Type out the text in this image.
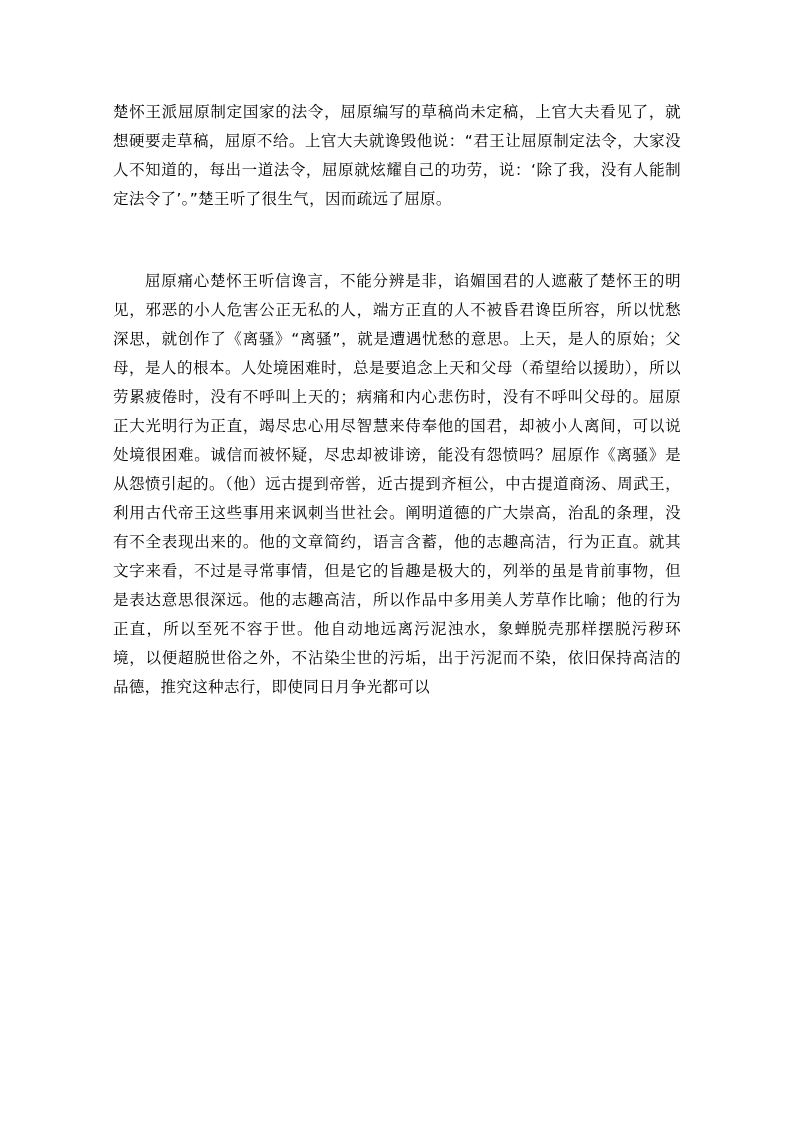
楚怀王派屈原制定国家的法令，屈原编写的草稿尚未定稿，上官大夫看见了，就想硬要走草稿，屈原不给。上官大夫就谗毁他说：“君王让屈原制定法令，大家没人不知道的，每出一道法令，屈原就炫耀自己的功劳，说：‘除了我，没有人能制定法令了’。”楚王听了很生气，因而疏远了屈原。

屈原痛心楚怀王听信谗言，不能分辨是非，谄媚国君的人遮蔽了楚怀王的明见，邪恶的小人危害公正无私的人，端方正直的人不被昏君谗臣所容，所以忧愁深思，就创作了《离骚》“离骚”，就是遭遇忧愁的意思。上天，是人的原始；父母，是人的根本。人处境困难时，总是要追念上天和父母（希望给以援助），所以劳累疲倦时，没有不呼叫上天的；病痛和内心悲伤时，没有不呼叫父母的。屈原正大光明行为正直，竭尽忠心用尽智慧来侍奉他的国君，却被小人离间，可以说处境很困难。诚信而被怀疑，尽忠却被诽谤，能没有怨愤吗？屈原作《离骚》是从怨愤引起的。（他）远古提到帝喾，近古提到齐桓公，中古提道商汤、周武王，利用古代帝王这些事用来讽刺当世社会。阐明道德的广大崇高，治乱的条理，没有不全表现出来的。他的文章简约，语言含蓄，他的志趣高洁，行为正直。就其文字来看，不过是寻常事情，但是它的旨趣是极大的，列举的虽是肯前事物，但是表达意思很深远。他的志趣高洁，所以作品中多用美人芳草作比喻；他的行为正直，所以至死不容于世。他自动地远离污泥浊水，象蝉脱壳那样摆脱污秽环境，以便超脱世俗之外，不沾染尘世的污垢，出于污泥而不染，依旧保持高洁的品德，推究这种志行，即使同日月争光都可以
